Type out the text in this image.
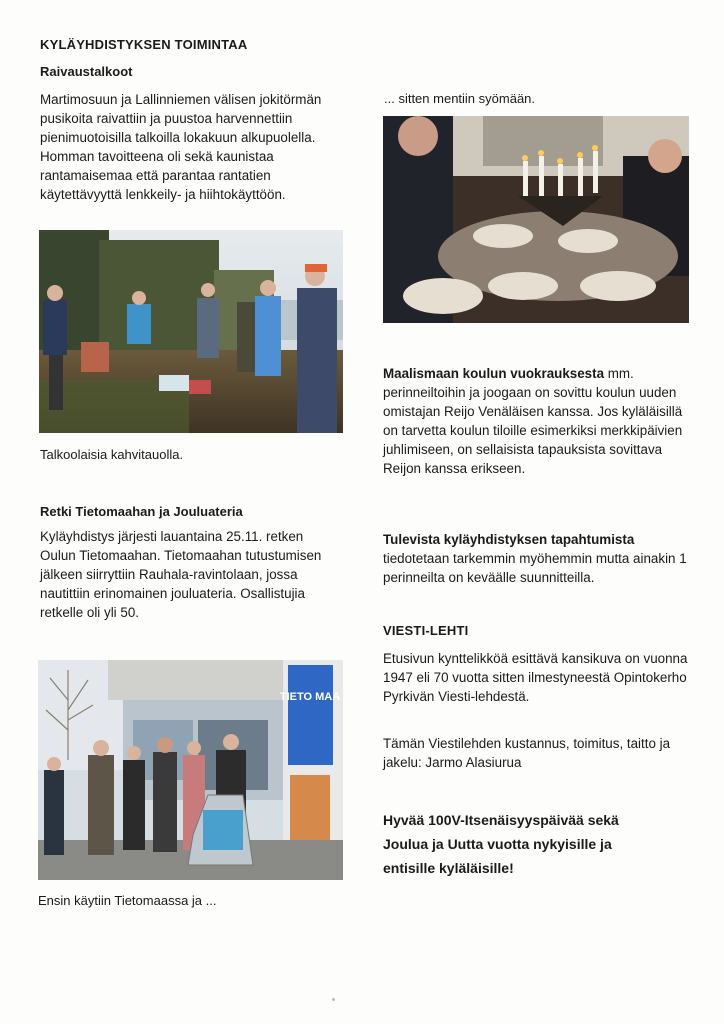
KYLÄYHDISTYKSEN TOIMINTAA
Raivaustalkoot

Martimosuun ja Lallinniemen välisen jokitörmän pusikoita raivattiin ja puustoa harvennettiin pienimuotoisilla talkoilla lokakuun alkupuolella. Homman tavoitteena oli sekä kaunistaa rantamaisemaa että parantaa rantatien käytettävyyttä lenkkeily- ja hiihtokäyttöön.

Talkoolaisia kahvitauolla.
Retki Tietomaahan ja Jouluateria

Kyläyhdistys järjesti lauantaina 25.11. retken Oulun Tietomaahan. Tietomaahan tutustumisen jälkeen siirryttiin Rauhala-ravintolaan, jossa nautittiin erinomainen jouluateria. Osallistujia retkelle oli yli 50.

TIETO MAA
Ensin käytiin Tietomaassa ja ...
... sitten mentiin syömään.

Maalismaan koulun vuokrauksesta mm. perinneiltoihin ja joogaan on sovittu koulun uuden omistajan Reijo Venäläisen kanssa. Jos kyläläisillä on tarvetta koulun tiloille esimerkiksi merkkipäivien juhlimiseen, on sellaisista tapauksista sovittava Reijon kanssa erikseen.

Tulevista kyläyhdistyksen tapahtumista tiedotetaan tarkemmin myöhemmin mutta ainakin 1 perinneilta on keväälle suunnitteilla.

VIESTI-LEHTI

Etusivun kynttelikköä esittävä kansikuva on vuonna 1947 eli 70 vuotta sitten ilmestyneestä Opintokerho Pyrkivän Viesti-lehdestä.

Tämän Viestilehden kustannus, toimitus, taitto ja jakelu: Jarmo Alasiurua

Hyvää 100V-Itsenäisyyspäivää sekä Joulua ja Uutta vuotta nykyisille ja entisille kyläläisille!
